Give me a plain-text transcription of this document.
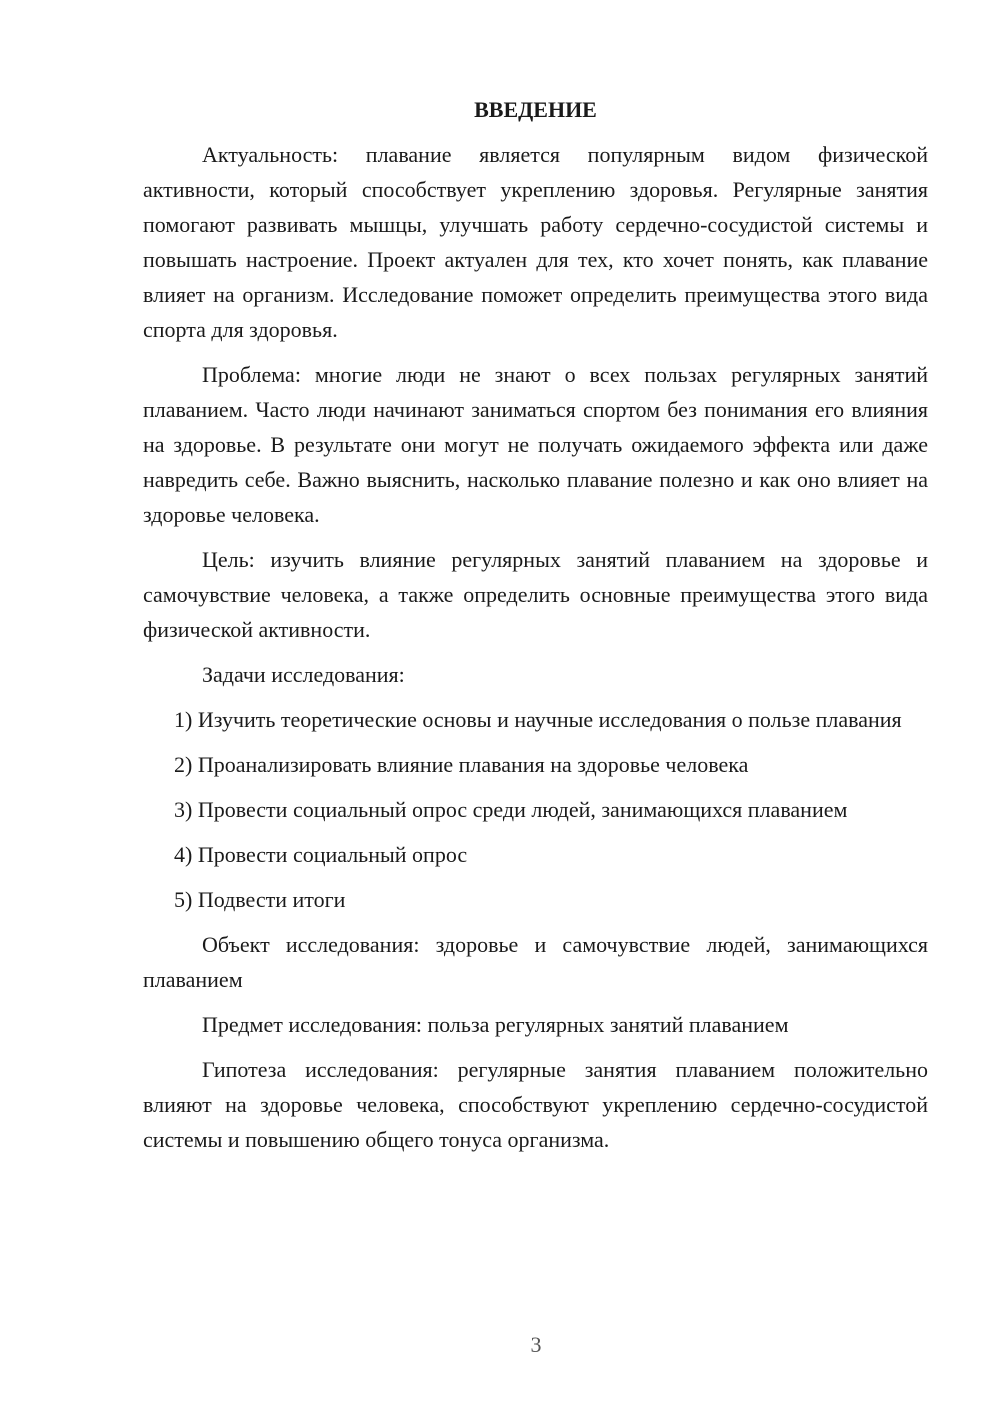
ВВЕДЕНИЕ

Актуальность: плавание является популярным видом физической активности, который способствует укреплению здоровья. Регулярные занятия помогают развивать мышцы, улучшать работу сердечно-сосудистой системы и повышать настроение. Проект актуален для тех, кто хочет понять, как плавание влияет на организм. Исследование поможет определить преимущества этого вида спорта для здоровья.

Проблема: многие люди не знают о всех пользах регулярных занятий плаванием. Часто люди начинают заниматься спортом без понимания его влияния на здоровье. В результате они могут не получать ожидаемого эффекта или даже навредить себе. Важно выяснить, насколько плавание полезно и как оно влияет на здоровье человека.

Цель: изучить влияние регулярных занятий плаванием на здоровье и самочувствие человека, а также определить основные преимущества этого вида физической активности.

Задачи исследования:

1) Изучить теоретические основы и научные исследования о пользе плавания

2) Проанализировать влияние плавания на здоровье человека

3) Провести социальный опрос среди людей, занимающихся плаванием

4) Провести социальный опрос

5) Подвести итоги

Объект исследования: здоровье и самочувствие людей, занимающихся плаванием

Предмет исследования: польза регулярных занятий плаванием

Гипотеза исследования: регулярные занятия плаванием положительно влияют на здоровье человека, способствуют укреплению сердечно-сосудистой системы и повышению общего тонуса организма.

3
